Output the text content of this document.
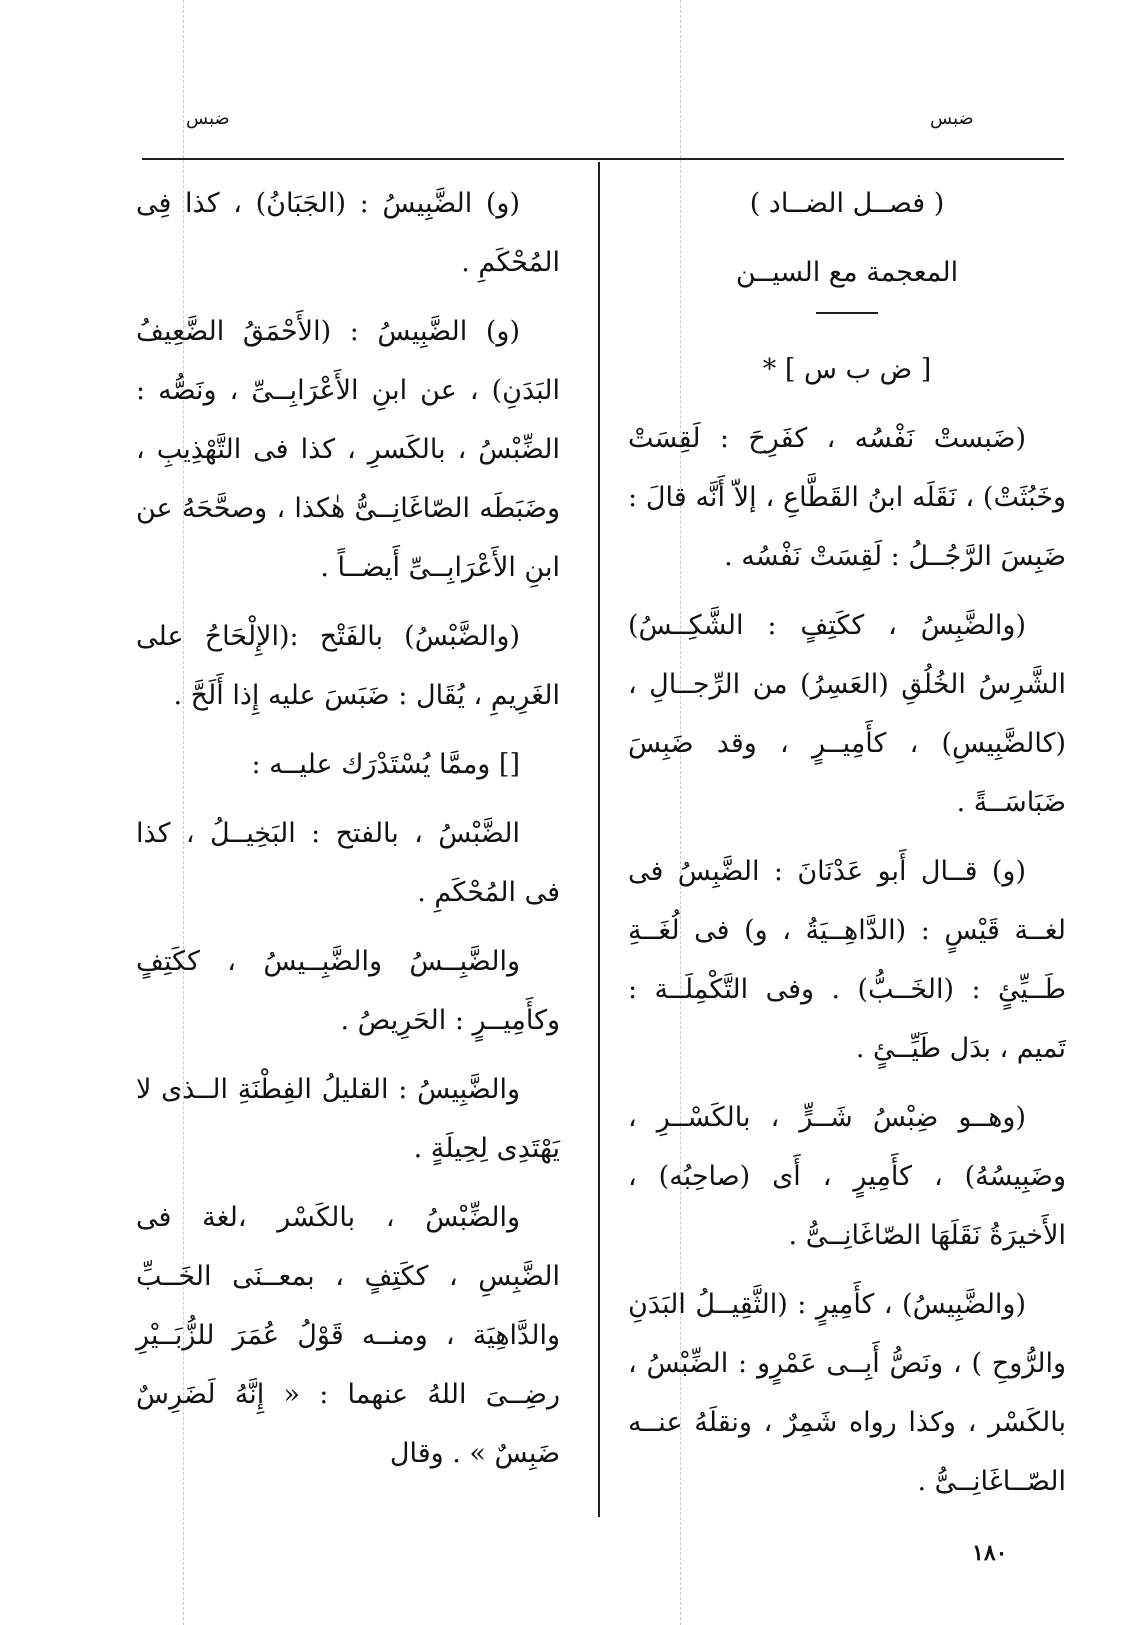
ضبس	ضبس

( فصــل الضــاد )

المعجمة مع السيــن

[ ض ب س ] *

(ضَبستْ نَفْسُه ، كفَرِحَ : لَقِسَتْ وخَبُثَتْ) ، نَقَلَه ابنُ القَطَّاعِ ، إلاّ أَنَّه قالَ : ضَبِسَ الرَّجُــلُ : لَقِسَتْ نَفْسُه .

(والضَّبِسُ ، ككَتِفٍ : الشَّكِــسُ) الشَّرِسُ الخُلُقِ (العَسِرُ) من الرِّجــالِ ، (كالضَّبِيسِ) ، كأَمِيــرٍ ، وقد ضَبِسَ ضَبَاسَــةً .

(و) قــال أَبو عَدْنَانَ : الضَّبِسُ فى لغــة قَيْسٍ : (الدَّاهِــيَةُ ، و) فى لُغَــةِ طَــيِّئٍ : (الخَــبُّ) . وفى التَّكْمِلَــة : تَميم ، بدَل طَيِّــئٍ .

(وهــو ضِبْسُ شَــرٍّ ، بالكَسْــرِ ، وضَبِيسُهُ) ، كأَمِيرٍ ، أَى (صاحِبُه) ، الأَخيرَةُ نَقَلَهَا الصّاغَانِــىُّ .

(والضَّبِيسُ) ، كأَمِيرٍ : (الثَّقِيــلُ البَدَنِ والرُّوحِ ) ، ونَصُّ أَبِــى عَمْرٍو : الضِّبْسُ ، بالكَسْر ، وكذا رواه شَمِرٌ ، ونقلَهُ عنــه الصّــاغَانِــىُّ .

(و) الضَّبِيسُ : (الجَبَانُ) ، كذا فِى المُحْكَمِ .

(و) الضَّبِيسُ : (الأَحْمَقُ الضَّعِيفُ البَدَنِ) ، عن ابنِ الأَعْرَابِــىِّ ، ونَصُّه : الضِّبْسُ ، بالكَسرِ ، كذا فى التَّهْذِيبِ ، وضَبَطَه الصّاغَانِــىُّ هٰكذا ، وصحَّحَهُ عن ابنِ الأَعْرَابِــىِّ أَيضــاً .

(والضَّبْسُ) بالفَتْح :(الإِلْحَاحُ على الغَرِيمِ ، يُقَال : ضَبَسَ عليه إِذا أَلَحَّ .

[] وممَّا يُسْتَدْرَك عليــه :

الضَّبْسُ ، بالفتح : البَخِيــلُ ، كذا فى المُحْكَمِ .

والضَّبِــسُ والضَّبِــيسُ ، ككَتِفٍ وكأَمِيــرٍ : الحَرِيصُ .

والضَّبِيسُ : القليلُ الفِطْنَةِ الــذى لا يَهْتَدِى لِحِيلَةٍ .

والضِّبْسُ ، بالكَسْر ،لغة فى الضَّبِسِ ، ككَتِفٍ ، بمعــنَى الخَــبِّ والدَّاهِيَة ، ومنــه قَوْلُ عُمَرَ للزُّبَــيْرِ رضِــىَ اللهُ عنهما : « إِنَّهُ لَضَرِسٌ ضَبِسٌ » . وقال

١٨٠
